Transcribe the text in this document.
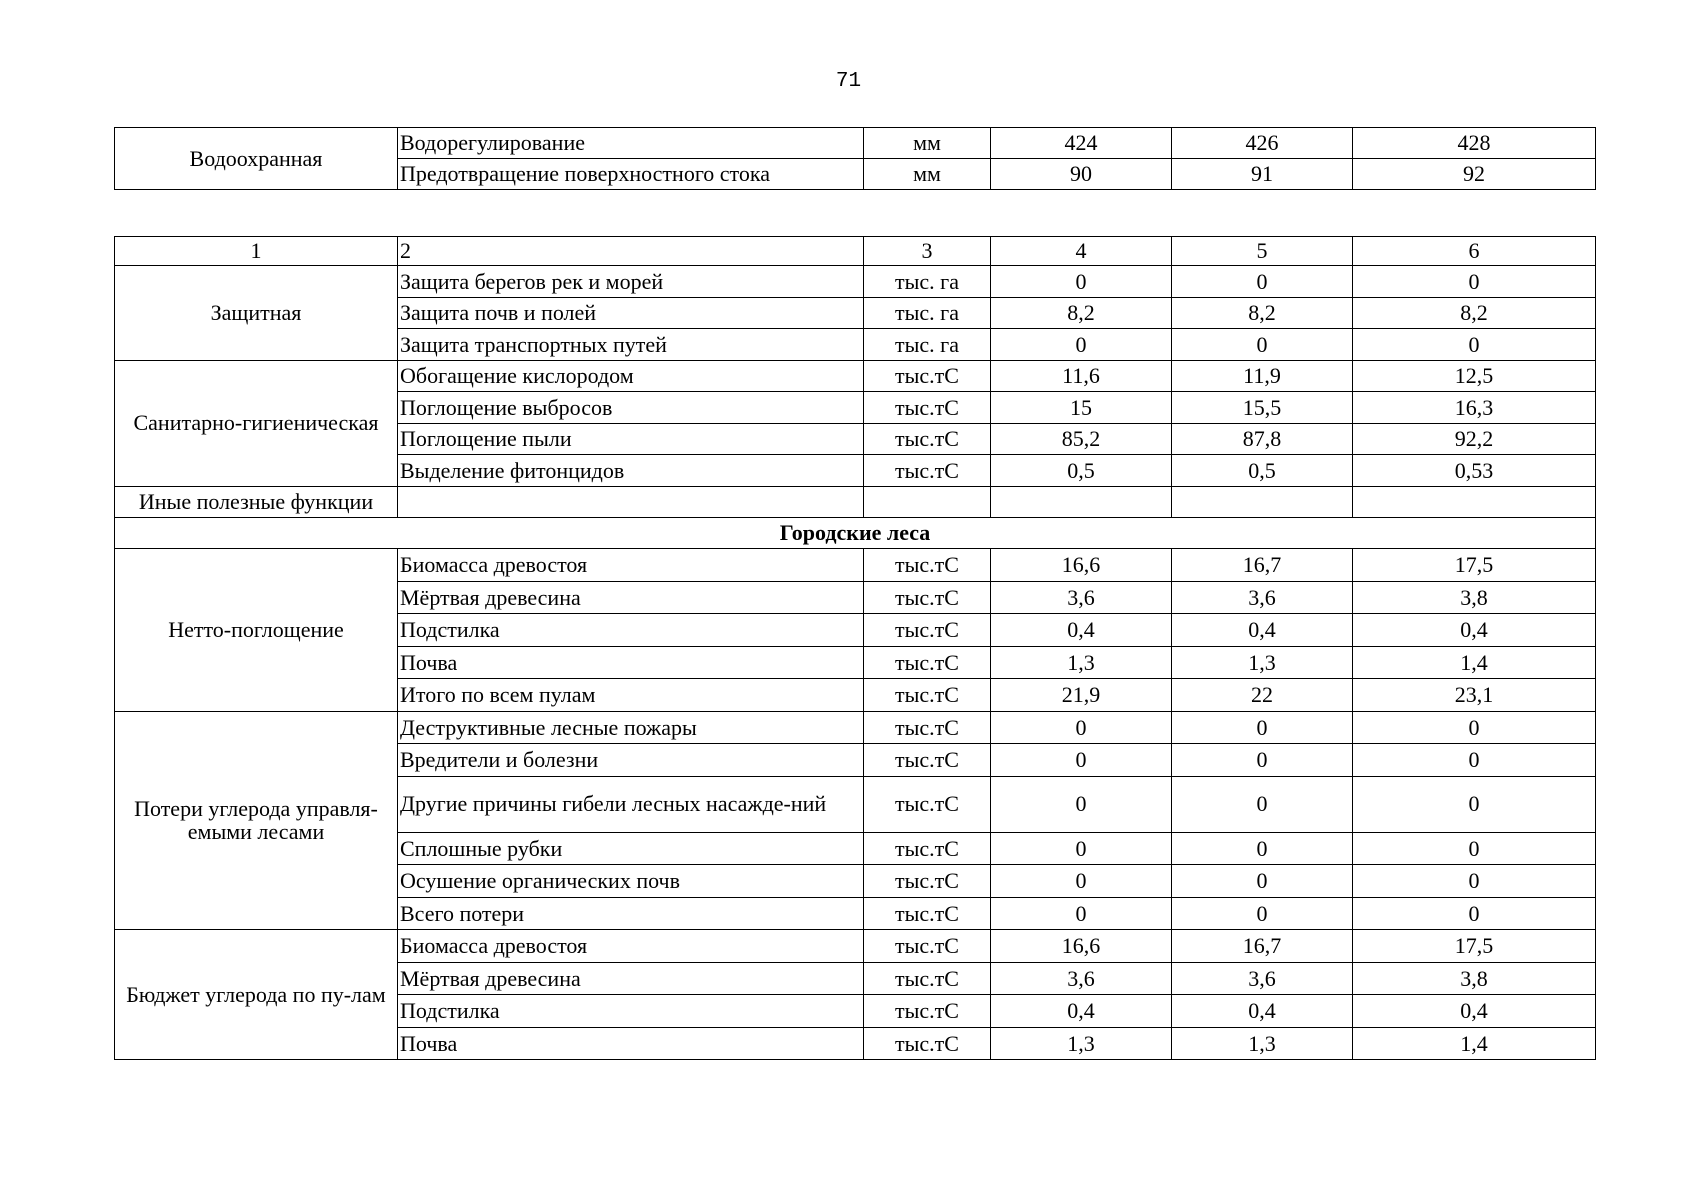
71
Водоохранная	Водорегулирование	мм	424	426	428
	Предотвращение поверхностного стока	мм	90	91	92
1	2	3	4	5	6
Защитная	Защита берегов рек и морей	тыс. га	0	0	0
	Защита почв и полей	тыс. га	8,2	8,2	8,2
	Защита транспортных путей	тыс. га	0	0	0
Санитарно-гигиеническая	Обогащение кислородом	тыс.тС	11,6	11,9	12,5
	Поглощение выбросов	тыс.тС	15	15,5	16,3
	Поглощение пыли	тыс.тС	85,2	87,8	92,2
	Выделение фитонцидов	тыс.тС	0,5	0,5	0,53
Иные полезные функции					
Городские леса					
Нетто-поглощение	Биомасса древостоя	тыс.тС	16,6	16,7	17,5
	Мёртвая древесина	тыс.тС	3,6	3,6	3,8
	Подстилка	тыс.тС	0,4	0,4	0,4
	Почва	тыс.тС	1,3	1,3	1,4
	Итого по всем пулам	тыс.тС	21,9	22	23,1
Потери углерода управля-емыми лесами	Деструктивные лесные пожары	тыс.тС	0	0	0
	Вредители и болезни	тыс.тС	0	0	0
	Другие причины гибели лесных насажде-ний	тыс.тС	0	0	0
	Сплошные рубки	тыс.тС	0	0	0
	Осушение органических почв	тыс.тС	0	0	0
	Всего потери	тыс.тС	0	0	0
Бюджет углерода по пу-лам	Биомасса древостоя	тыс.тС	16,6	16,7	17,5
	Мёртвая древесина	тыс.тС	3,6	3,6	3,8
	Подстилка	тыс.тС	0,4	0,4	0,4
	Почва	тыс.тС	1,3	1,3	1,4
